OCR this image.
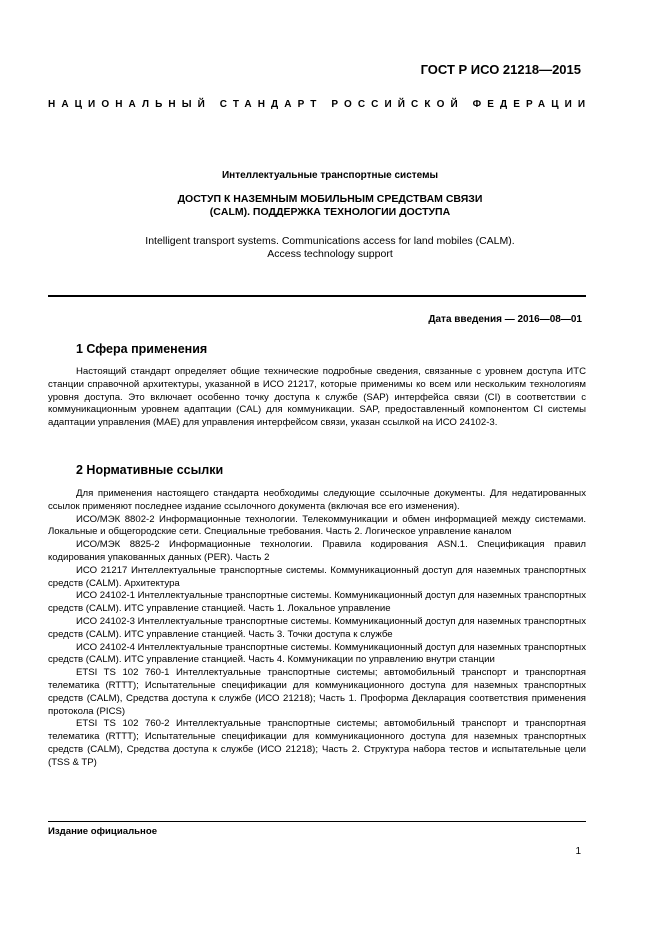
ГОСТ Р ИСО 21218—2015
НАЦИОНАЛЬНЫЙ СТАНДАРТ РОССИЙСКОЙ ФЕДЕРАЦИИ
Интеллектуальные транспортные системы
ДОСТУП К НАЗЕМНЫМ МОБИЛЬНЫМ СРЕДСТВАМ СВЯЗИ
(CALM). ПОДДЕРЖКА ТЕХНОЛОГИИ ДОСТУПА
Intelligent transport systems. Communications access for land mobiles (CALM).
Access technology support
Дата введения — 2016—08—01
1 Сфера применения

Настоящий стандарт определяет общие технические подробные сведения, связанные с уровнем доступа ИТС станции справочной архитектуры, указанной в ИСО 21217, которые применимы ко всем или нескольким технологиям уровня доступа. Это включает особенно точку доступа к службе (SAP) интерфейса связи (CI) в соответствии с коммуникационным уровнем адаптации (CAL) для коммуникации. SAP, предоставленный компонентом CI системы адаптации управления (MAE) для управления интерфейсом связи, указан ссылкой на ИСО 24102-3.

2 Нормативные ссылки

Для применения настоящего стандарта необходимы следующие ссылочные документы. Для недатированных ссылок применяют последнее издание ссылочного документа (включая все его изменения).

ИСО/МЭК 8802-2 Информационные технологии. Телекоммуникации и обмен информацией между системами. Локальные и общегородские сети. Специальные требования. Часть 2. Логическое управление каналом

ИСО/МЭК 8825-2 Информационные технологии. Правила кодирования ASN.1. Спецификация правил кодирования упакованных данных (PER). Часть 2

ИСО 21217 Интеллектуальные транспортные системы. Коммуникационный доступ для наземных транспортных средств (CALM). Архитектура

ИСО 24102-1 Интеллектуальные транспортные системы. Коммуникационный доступ для наземных транспортных средств (CALM). ИТС управление станцией. Часть 1. Локальное управление

ИСО 24102-3 Интеллектуальные транспортные системы. Коммуникационный доступ для наземных транспортных средств (CALM). ИТС управление станцией. Часть 3. Точки доступа к службе

ИСО 24102-4 Интеллектуальные транспортные системы. Коммуникационный доступ для наземных транспортных средств (CALM). ИТС управление станцией. Часть 4. Коммуникации по управлению внутри станции

ETSI TS 102 760-1 Интеллектуальные транспортные системы; автомобильный транспорт и транспортная телематика (RTTT); Испытательные спецификации для коммуникационного доступа для наземных транспортных средств (CALM), Средства доступа к службе (ИСО 21218); Часть 1. Проформа Декларация соответствия применения протокола (PICS)

ETSI TS 102 760-2 Интеллектуальные транспортные системы; автомобильный транспорт и транспортная телематика (RTTT); Испытательные спецификации для коммуникационного доступа для наземных транспортных средств (CALM), Средства доступа к службе (ИСО 21218); Часть 2. Структура набора тестов и испытательные цели (TSS & TP)

Издание официальное
1
